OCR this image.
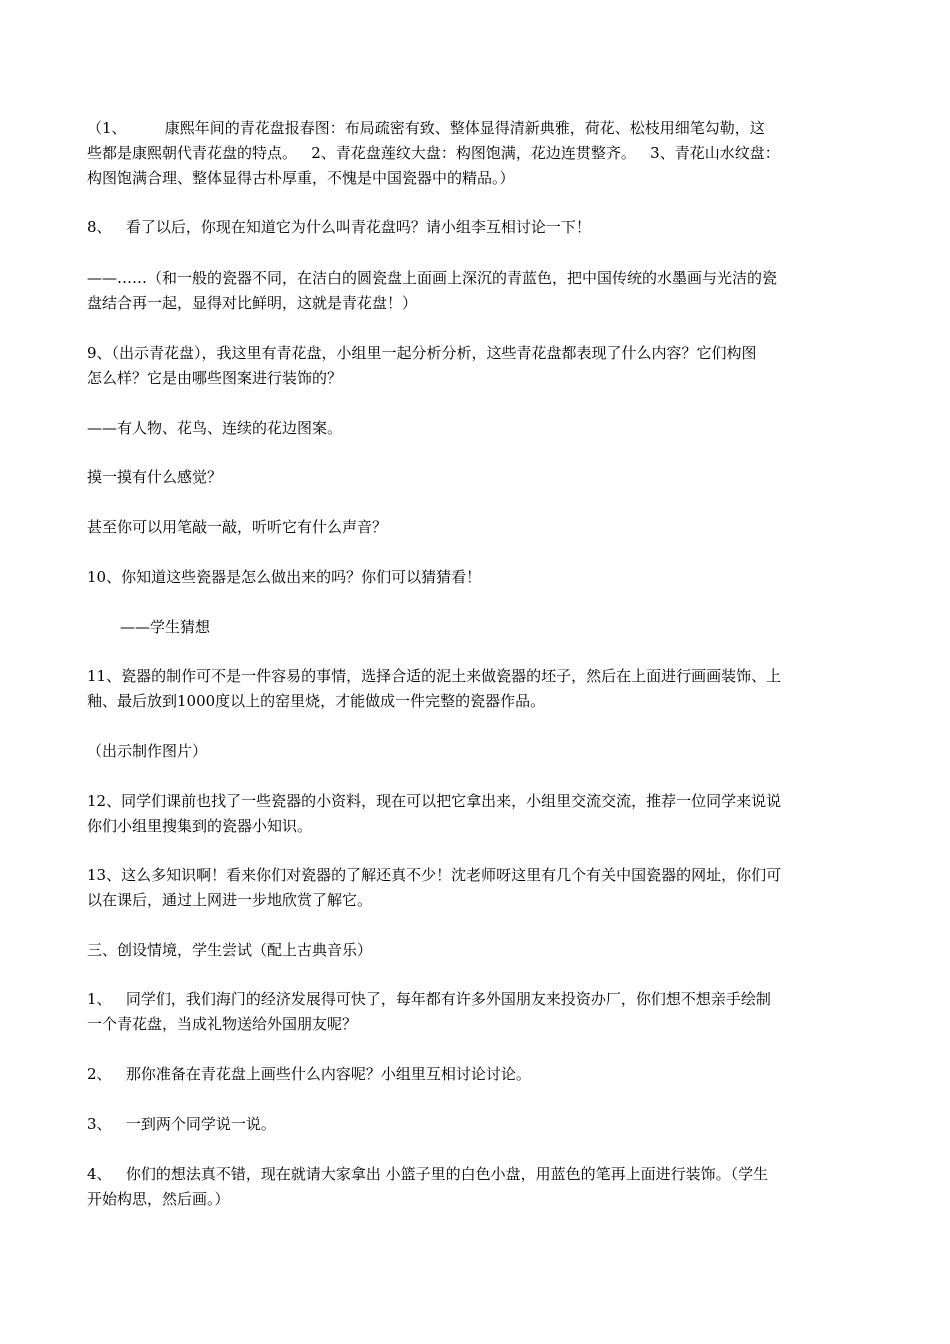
（1、        康熙年间的青花盘报春图：布局疏密有致、整体显得清新典雅，荷花、松枝用细笔勾勒，这
些都是康熙朝代青花盘的特点。   2、青花盘莲纹大盘：构图饱满，花边连贯整齐。   3、青花山水纹盘：
构图饱满合理、整体显得古朴厚重，不愧是中国瓷器中的精品。）
8、   看了以后，你现在知道它为什么叫青花盘吗？请小组李互相讨论一下！
——……（和一般的瓷器不同，在洁白的圆瓷盘上面画上深沉的青蓝色，把中国传统的水墨画与光洁的瓷
盘结合再一起，显得对比鲜明，这就是青花盘！）
9、（出示青花盘），我这里有青花盘，小组里一起分析分析，这些青花盘都表现了什么内容？它们构图
怎么样？它是由哪些图案进行装饰的？
——有人物、花鸟、连续的花边图案。
摸一摸有什么感觉？
甚至你可以用笔敲一敲，听听它有什么声音？
10、你知道这些瓷器是怎么做出来的吗？你们可以猜猜看！
——学生猜想
11、瓷器的制作可不是一件容易的事情，选择合适的泥土来做瓷器的坯子，然后在上面进行画画装饰、上
釉、最后放到1000度以上的窑里烧，才能做成一件完整的瓷器作品。
（出示制作图片）
12、同学们课前也找了一些瓷器的小资料，现在可以把它拿出来，小组里交流交流，推荐一位同学来说说
你们小组里搜集到的瓷器小知识。
13、这么多知识啊！看来你们对瓷器的了解还真不少！沈老师呀这里有几个有关中国瓷器的网址，你们可
以在课后，通过上网进一步地欣赏了解它。
三、创设情境，学生尝试（配上古典音乐）
1、   同学们，我们海门的经济发展得可快了，每年都有许多外国朋友来投资办厂，你们想不想亲手绘制
一个青花盘，当成礼物送给外国朋友呢？
2、   那你准备在青花盘上画些什么内容呢？小组里互相讨论讨论。
3、   一到两个同学说一说。
4、   你们的想法真不错，现在就请大家拿出 小篮子里的白色小盘，用蓝色的笔再上面进行装饰。（学生
开始构思，然后画。）
